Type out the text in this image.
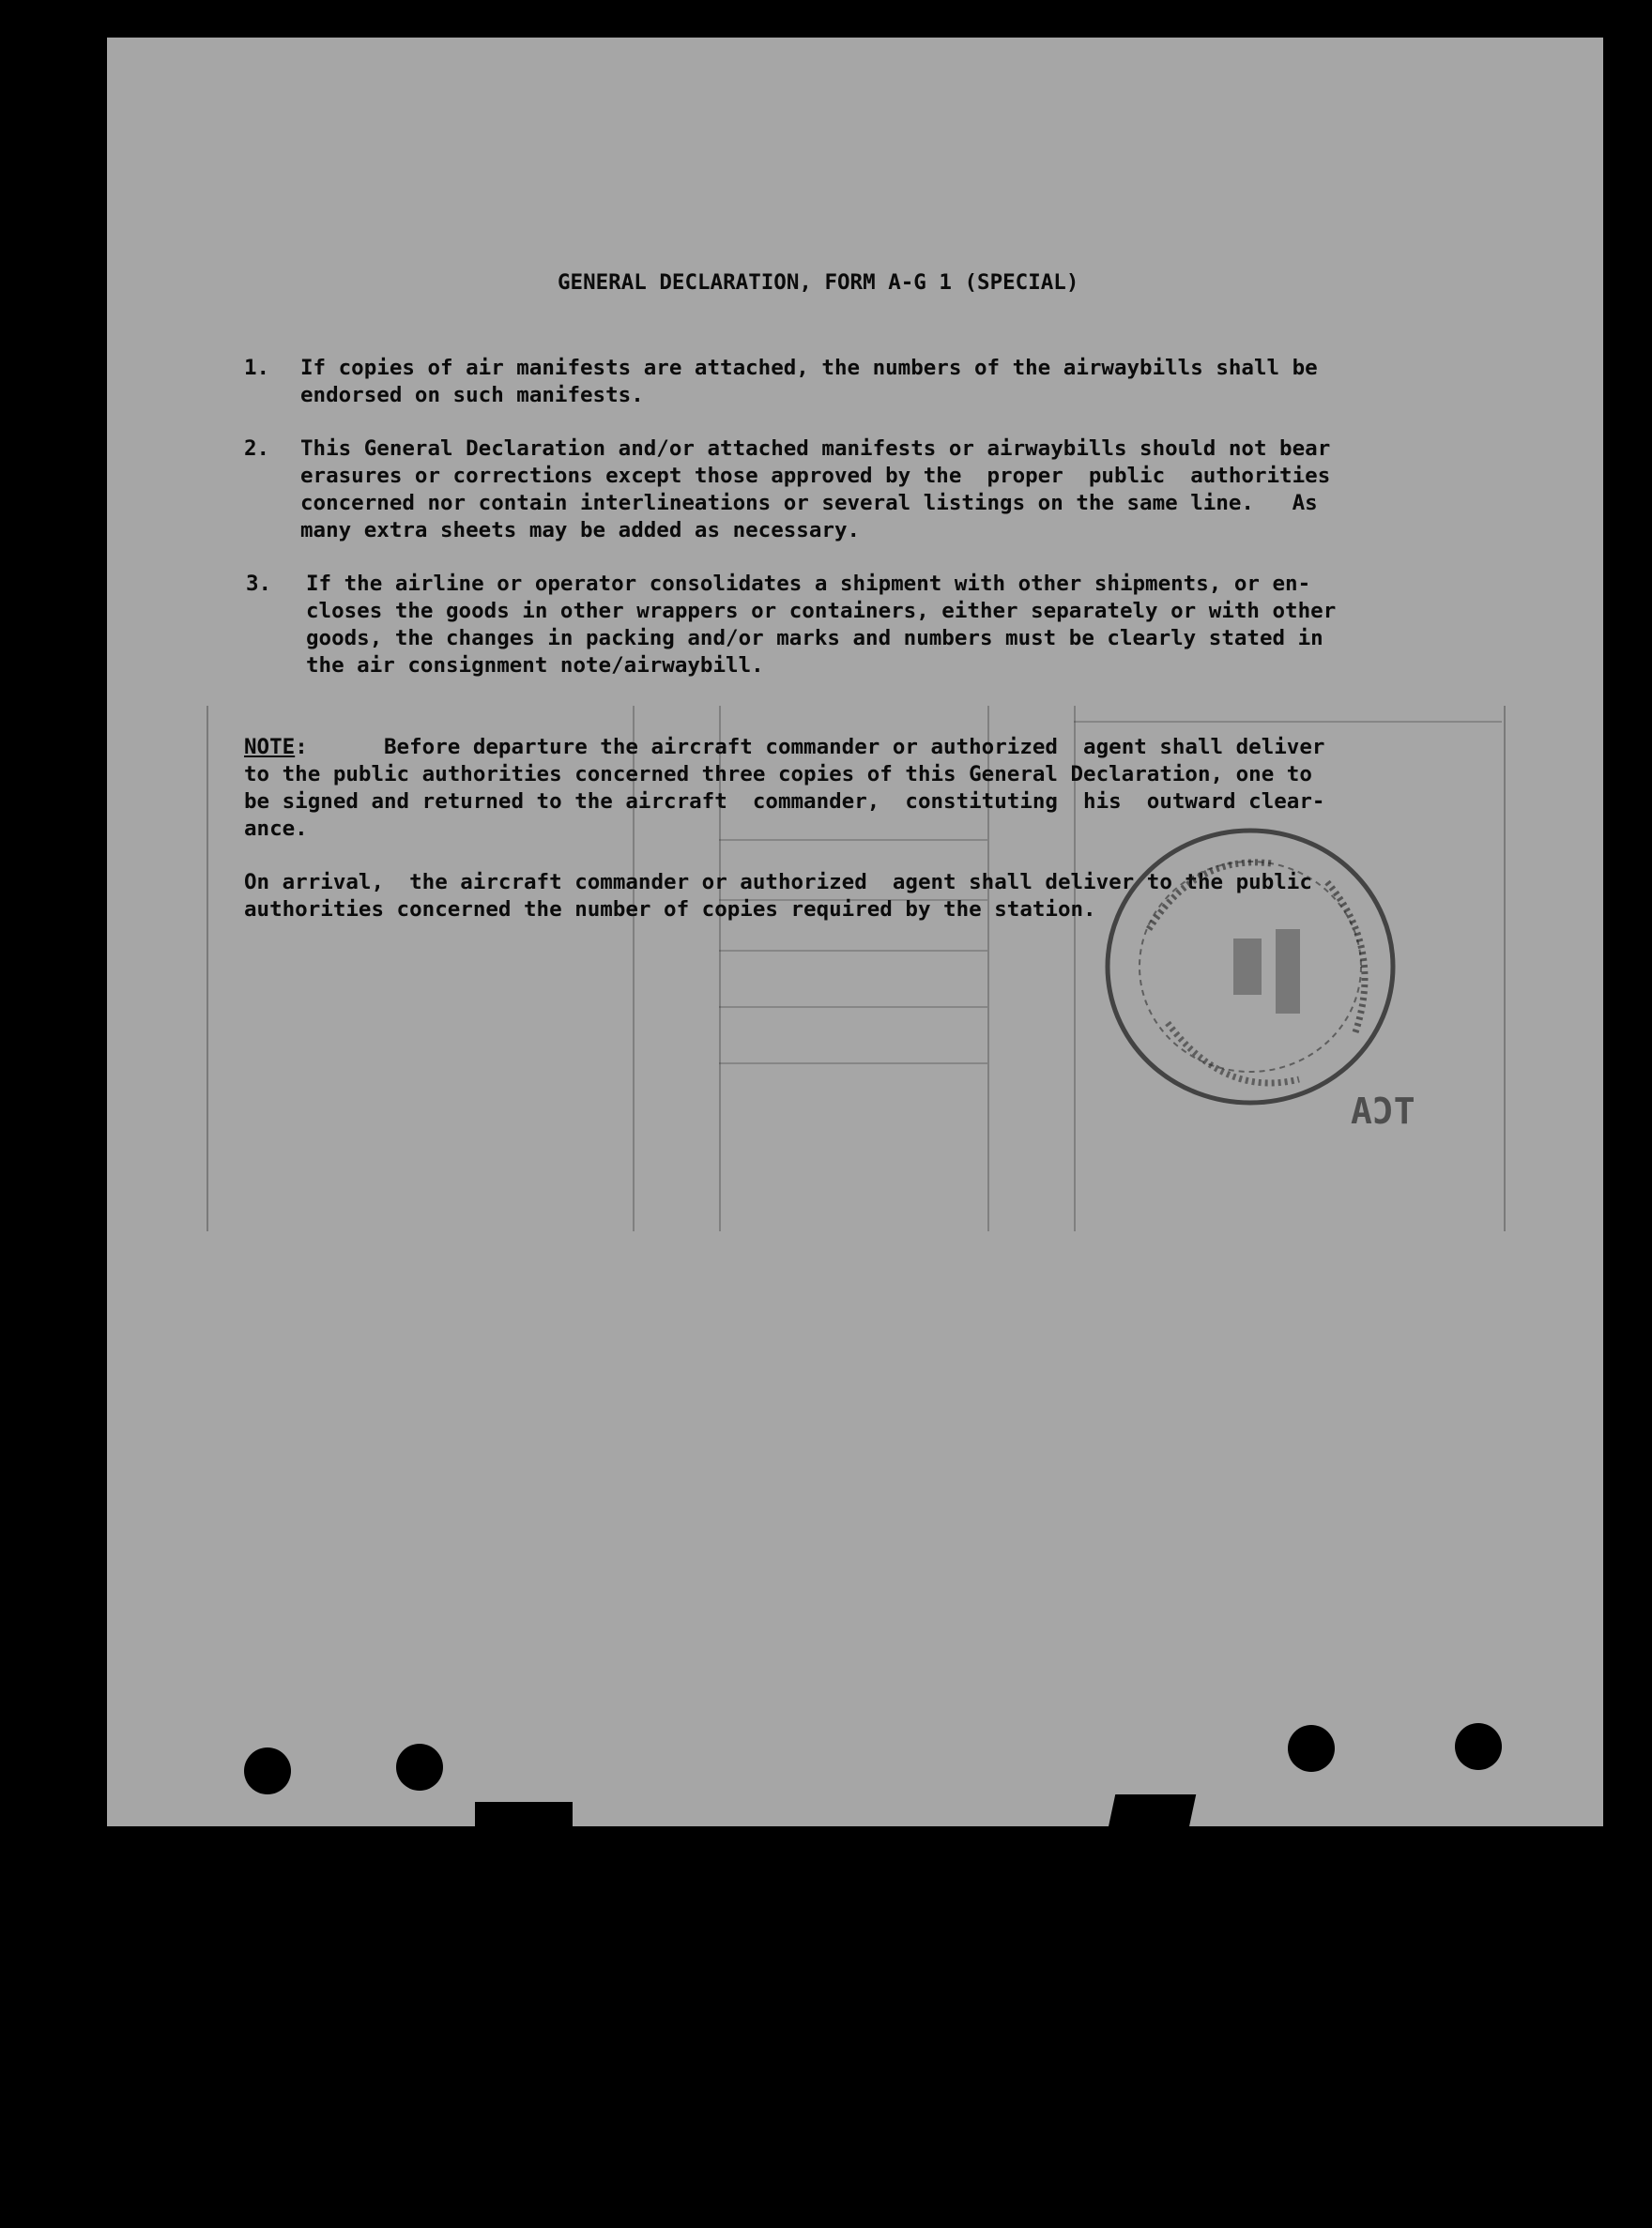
GENERAL DECLARATION, FORM A-G 1 (SPECIAL)
1. If copies of air manifests are attached, the numbers of the airwaybills shall be
endorsed on such manifests.
2. This General Declaration and/or attached manifests or airwaybills should not bear
erasures or corrections except those approved by the  proper  public  authorities
concerned nor contain interlineations or several listings on the same line.   As
many extra sheets may be added as necessary.
3. If the airline or operator consolidates a shipment with other shipments, or en-
closes the goods in other wrappers or containers, either separately or with other
goods, the changes in packing and/or marks and numbers must be clearly stated in
the air consignment note/airwaybill.
NOTE:      Before departure the aircraft commander or authorized  agent shall deliver
to the public authorities concerned three copies of this General Declaration, one to
be signed and returned to the aircraft  commander,  constituting  his  outward clear-
ance.
On arrival,  the aircraft commander or authorized  agent shall deliver to the public
authorities concerned the number of copies required by the station.
TCA
